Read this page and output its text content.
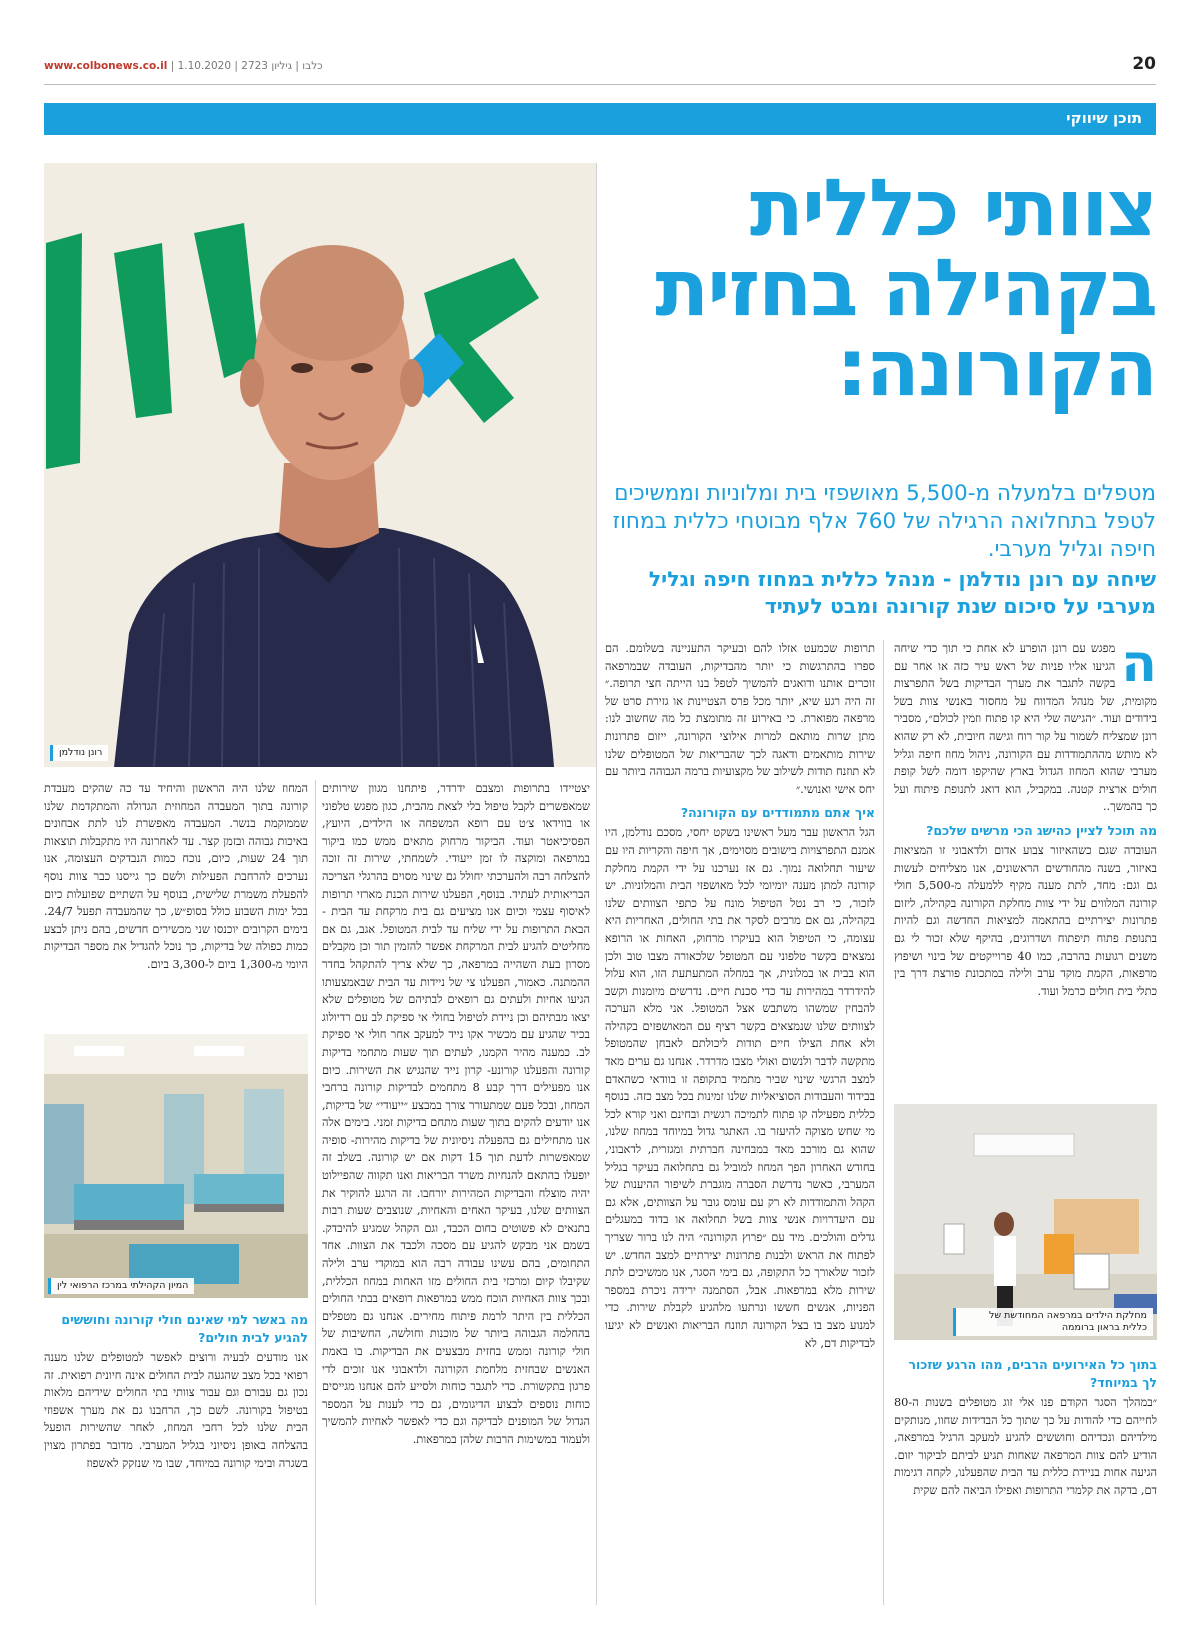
www.colbonews.co.il | כלבו | גיליון 2723 | 1.10.2020	20
תוכן שיווקי
רונן נודלמן
צוותי כללית בקהילה בחזית הקורונה:
מטפלים בלמעלה מ-5,500 מאושפזי בית ומלוניות וממשיכים לטפל בתחלואה הרגילה של 760 אלף מבוטחי כללית במחוז חיפה וגליל מערבי.
שיחה עם רונן נודלמן - מנהל כללית במחוז חיפה וגליל מערבי על סיכום שנת קורונה ומבט לעתיד
ה

מפגש עם רונן הופרע לא אחת כי תוך כדי שיחה הגיעו אליו פניות של ראש עיר כזה או אחר עם בקשה לתגבר את מערך הבדיקות בשל התפרצות מקומית, של מנהל המדווח על מחסור באנשי צוות בשל בידודים ועוד. ״הגישה שלי היא קו פתוח וזמין לכולם״, מסביר רונן שמצליח לשמור על קור רוח וגישה חיובית, לא רק שהוא לא מותש מההתמודדות עם הקורונה, ניהול מחוז חיפה וגליל מערבי שהוא המחוז הגדול בארץ שהיקפו דומה לשל קופת חולים ארצית קטנה. במקביל, הוא דואג לתנופת פיתוח ועל כך בהמשך..

מה תוכל לציין כהישג הכי מרשים שלכם?

העובדה שגם כשהאיזור צבוע אדום ולדאבוני זו המציאות באיזור, בשנה מהחודשים הראשונים, אנו מצליחים לעשות גם וגם: מחד, לתת מענה מקיף ללמעלה מ-5,500 חולי קורונה המלווים על ידי צוות מחלקת הקורונה בקהילה, ליזום פתרונות יצירתיים בהתאמה למציאות החדשה וגם להיות בתנופת פתוח תיפתוח ושדרוגים, בהיקף שלא זכור לי גם משנים רגועות בהרבה, כמו 40 פרוייקטים של בינוי ושיפוץ מרפאות, הקמת מוקד ערב ולילה במתכונת פורצת דרך בין כתלי בית חולים כרמל ועוד.

מחלקת הילדים במרפאה המחודשת של כללית בראון ברוממה
בתוך כל האירועים הרבים, מהו הרגע שזכור לך במיוחד?

״במהלך הסגר הקודם פנו אלי זוג מטופלים בשנות ה-80 לחייהם כדי להודות על כך שתוך כל הבדידות שחוו, מנותקים מילדיהם ונכדיהם וחוששים להגיע למעקב הרגיל במרפאה, הודיע להם צוות המרפאה שאחות תגיע לביתם לביקור יזום. הגיעה אחות בניידת כללית עד הבית שהפעלנו, לקחה דגימות דם, בדקה את קלמרי התרופות ואפילו הביאה להם שקית

תרופות שכמעט אזלו להם ובעיקר התעניינה בשלומם. הם ספרו בהתרגשות כי יותר מהבדיקות, העובדה שבמרפאה זוכרים אותנו ודואגים להמשיך לטפל בנו הייתה חצי תרופה.״ זה היה רגע שיא, יותר מכל פרס הצטיינות או גזירת סרט של מרפאה מפוארת. כי באירוע זה מתומצת כל מה שחשוב לנו: מתן שרות מותאם למרות אילוצי הקורונה, ייזום פתרונות שירות מותאמים ודאגה לכך שהבריאות של המטופלים שלנו לא תוזנח תודות לשילוב של מקצועיות ברמה הגבוהה ביותר עם יחס אישי ואנושי.״

איך אתם מתמודדים עם הקורונה?

הגל הראשון עבר מעל ראשינו בשקט יחסי, מסכם נודלמן, היו אמנם התפרצויות בישובים מסוימים, אך חיפה והקריות היו עם שיעור תחלואה נמוך. גם אז נערכנו על ידי הקמת מחלקת קורונה למתן מענה יומיומי לכל מאושפזי הבית והמלוניות. יש לזכור, כי רב נטל הטיפול מונח על כתפי הצוותים שלנו בקהילה, גם אם מרבים לסקר את בתי החולים, האחריות היא עצומה, כי הטיפול הוא בעיקרו מרחוק, האחות או הרופא נמצאים בקשר טלפוני עם המטופל שלכאורה מצבו טוב ולכן הוא בבית או במלונית, אך במחלה המתעתעת הזו, הוא עלול להידרדר במהירות עד כדי סכנת חיים. נדרשים מיומנות וקשב להבחין שמשהו משתבש אצל המטופל. אני מלא הערכה לצוותים שלנו שנמצאים בקשר רציף עם המאושפזים בקהילה ולא אחת הצילו חיים תודות ליכולתם לאבחן שהמטופל מתקשה לדבר ולנשום ואולי מצבו מדרדר. אנחנו גם ערים מאד למצב הרגשי שינוי שביר מתמיד בתקופה זו בוודאי כשהאדם בבידוד והעבודות הסוציאליות שלנו זמינות בכל מצב כזה. בנוסף כללית מפעילה קו פתוח לתמיכה רגשית ובחינם ואני קורא לכל מי שחש מצוקה להיעזר בו. האתגר גדול במיוחד במחוז שלנו, שהוא גם מורכב מאד במבחינה חברתית ומגזרית, לדאבוני, בחודש האחרון הפך המחוז למוביל גם בתחלואה בעיקר בגליל המערבי, כאשר נדרשת הסברה מוגברת לשיפור ההיענות של הקהל והתמודדות לא רק עם עומס גובר על הצוותים, אלא גם עם היעדרויות אנשי צוות בשל תחלואה או בדוד במעגלים גדלים והולכים. מיד עם ״פרוץ הקורונה״ היה לנו ברור שצריך לפתוח את הראש ולבנות פתרונות יצירתיים למצב החדש. יש לזכור שלאורך כל התקופה, גם בימי הסגר, אנו ממשיכים לתת שירות מלא במרפאות. אבל, הסתמנה ירידה ניכרת במספר הפניות, אנשים חששו ונרתעו מלהגיע לקבלת שירות. כדי למנוע מצב בו בצל הקורונה תוזנח הבריאות ואנשים לא יגיעו לבדיקות דם, לא

יצטיידו בתרופות ומצבם ידרדר, פיתחנו מגוון שירותים שמאפשרים לקבל טיפול בלי לצאת מהבית, כגון מפגש טלפוני או בווידאו צ׳ט עם רופא המשפחה או הילדים, היועץ, הפסיכיאטר ועוד. הביקור מרחוק מתאים ממש כמו ביקור במרפאה ומוקצה לו זמן ייעודי. לשמחתי, שירות זה זוכה להצלחה רבה ולהערכתי יחולל גם שינוי מסוים בהרגלי הצריכה הבריאותית לעתיד. בנוסף, הפעלנו שירות הכנת מארזי תרופות לאיסוף עצמי וכיום אנו מציעים גם בית מרקחת עד הבית - הבאת התרופות על ידי שליח עד לבית המטופל. אגב, גם אם מחליטים להגיע לבית המרקחת אפשר להזמין תור וכן מקבלים מסרון בעת השהייה במרפאה, כך שלא צריך להתקהל בחדר ההמתנה. כאמור, הפעלנו צי של ניידות עד הבית שבאמצעותו הגיעו אחיות ולעתים גם רופאים לבתיהם של מטופלים שלא יצאו מבתיהם וכן ניידת לטיפול בחולי אי ספיקת לב עם רדיולוג בכיר שהגיע עם מכשיר אקו נייד למעקב אחר חולי אי ספיקת לב. כמענה מהיר הקמנו, לעתים תוך שעות מתחמי בדיקות קורונה והפעלנו קורונע- קרון נייד שהנגיש את השירות. כיום אנו מפעילים דרך קבע 8 מתחמים לבדיקות קורונה ברחבי המחוז, ובכל פעם שמתעורר צורך במבצע ״ייעודי״ של בדיקות, אנו יודעים להקים בתוך שעות מתחם בדיקות זמני. בימים אלה אנו מתחילים גם בהפעלה ניסיונית של בדיקות מהירות- סופיה שמאפשרות לדעת תוך 15 דקות אם יש קורונה. בשלב זה יופעלו בהתאם להנחיות משרד הבריאות ואנו תקווה שהפיילוט יהיה מוצלח והבדיקות המהירות יורחבו. זה הרגע להוקיר את הצוותים שלנו, בעיקר האחים והאחיות, שנוצבים שעות רבות בתנאים לא פשוטים בחום הכבד, וגם הקהל שמגיע להיבדק. בשמם אני מבקש להגיע עם מסכה ולכבד את הצוות. אחד התחומים, בהם עשינו עבודה רבה הוא במוקדי ערב ולילה שקיבלו קיום ומרכזי בית החולים מזו האחות במחוז הכללית, ובכך צוות האחיות הוכח ממש במרפאות רופאים בבתי החולים הכללית בין היתר לרמת פיתוח מחירים. אנחנו גם מטפלים בהחלמה הגבוהה ביותר של מוכנות וחולשה, החשיבות של חולי קורונה וממש בחזית מבצעים את הבדיקות. בו באמת האנשים שבחזית מלחמת הקורונה ולדאבוני אנו זוכים לדי פרגון בתקשורת. כדי לתגבר כוחות ולסייע להם אנחנו מגייסים כוחות נוספים לבצוע הדיגומים, גם כדי לענות על המספר הגדול של המופנים לבדיקה וגם כדי לאפשר לאחיות להמשיך ולעמוד במשימות הרבות שלהן במרפאות.

המחוז שלנו היה הראשון והיחיד עד כה שהקים מעבדת קורונה בתוך המעבדה המחוזית הגדולה והמתקדמת שלנו שממוקמת בנשר. המעבדה מאפשרת לנו לתת אבחונים באיכות גבוהה ובזמן קצר. עד לאחרונה היו מתקבלות תוצאות תוך 24 שעות, כיום, נוכח כמות הנבדקים העצומה, אנו נערכים להרחבת הפעילות ולשם כך גייסנו כבר צוות נוסף להפעלת משמרת שלישית, בנוסף על השתיים שפועלות כיום בכל ימות השבוע כולל בסופ״ש, כך שהמעבדה תפעל 24/7. בימים הקרובים יוכנסו שני מכשירים חדשים, בהם ניתן לבצע כמות כפולה של בדיקות, כך נוכל להגדיל את מספר הבדיקות היומי מ-1,300 ביום ל-3,300 ביום.

המיון הקהילתי במרכז הרפואי לין
מה באשר למי שאינם חולי קורונה וחוששים להגיע לבית חולים?

אנו מודעים לבעיה ורוצים לאפשר למטופלים שלנו מענה רפואי בכל מצב שהגעה לבית החולים אינה חיונית רפואית. זה נכון גם עבורם וגם עבור צוותי בתי החולים שידיהם מלאות בטיפול בקורונה. לשם כך, הרחבנו גם את מערך אשפוזי הבית שלנו לכל רחבי המחוז, לאחר שהשירות הופעל בהצלחה באופן ניסיוני בגליל המערבי. מדובר בפתרון מצוין בשגרה ובימי קורונה במיוחד, שבו מי שנזקק לאשפוז
